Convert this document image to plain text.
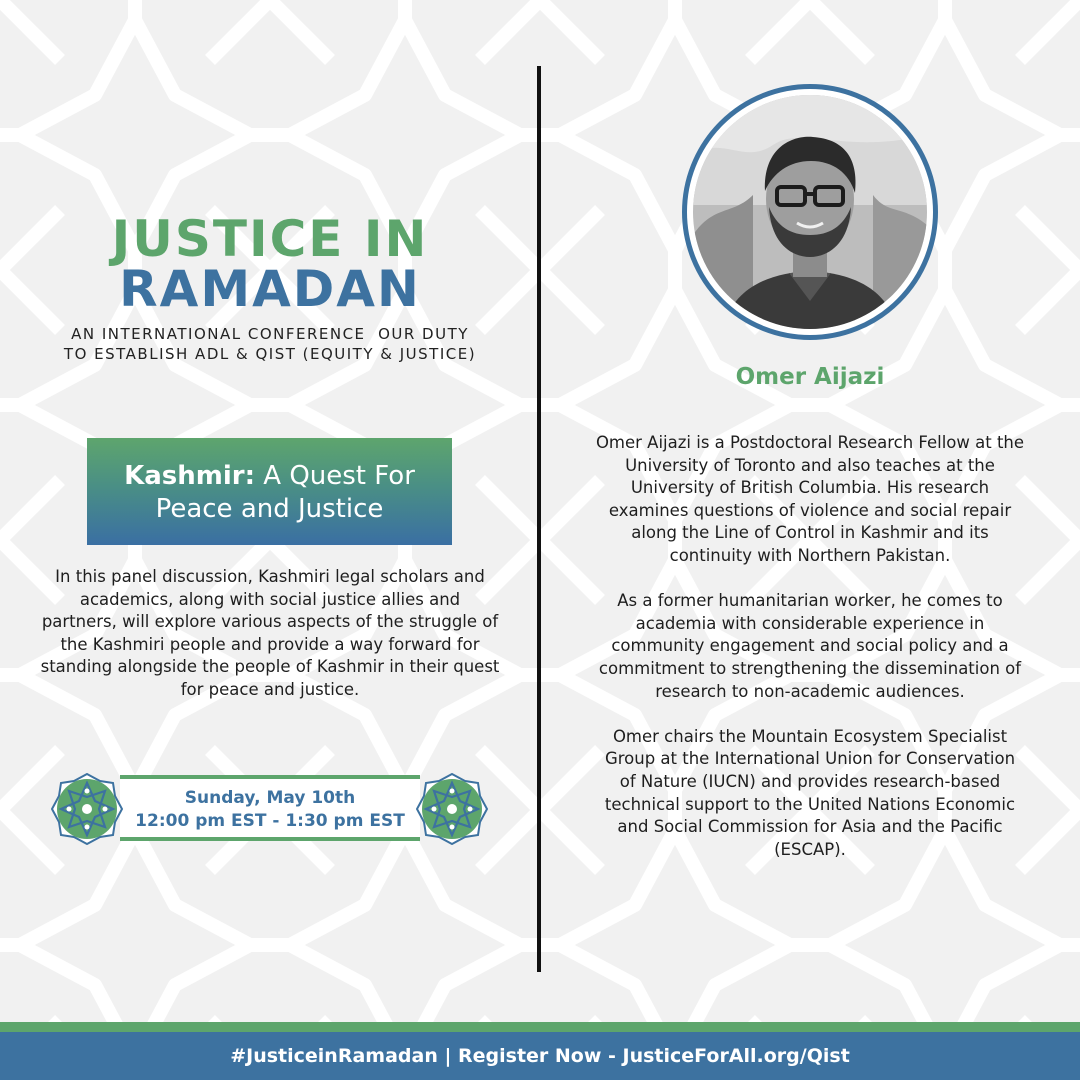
JUSTICE IN
RAMADAN
AN INTERNATIONAL CONFERENCE  OUR DUTY
TO ESTABLISH ADL & QIST (EQUITY & JUSTICE)
Kashmir: A Quest For
Peace and Justice
In this panel discussion, Kashmiri legal scholars and academics, along with social justice allies and partners, will explore various aspects of the struggle of the Kashmiri people and provide a way forward for standing alongside the people of Kashmir in their quest for peace and justice.
Sunday, May 10th
12:00 pm EST - 1:30 pm EST
Omer Aijazi

Omer Aijazi is a Postdoctoral Research Fellow at the University of Toronto and also teaches at the University of British Columbia. His research examines questions of violence and social repair along the Line of Control in Kashmir and its continuity with Northern Pakistan.

As a former humanitarian worker, he comes to academia with considerable experience in community engagement and social policy and a commitment to strengthening the dissemination of research to non-academic audiences.

Omer chairs the Mountain Ecosystem Specialist Group at the International Union for Conservation of Nature (IUCN) and provides research-based technical support to the United Nations Economic and Social Commission for Asia and the Pacific (ESCAP).

#JusticeinRamadan | Register Now - JusticeForAll.org/Qist
